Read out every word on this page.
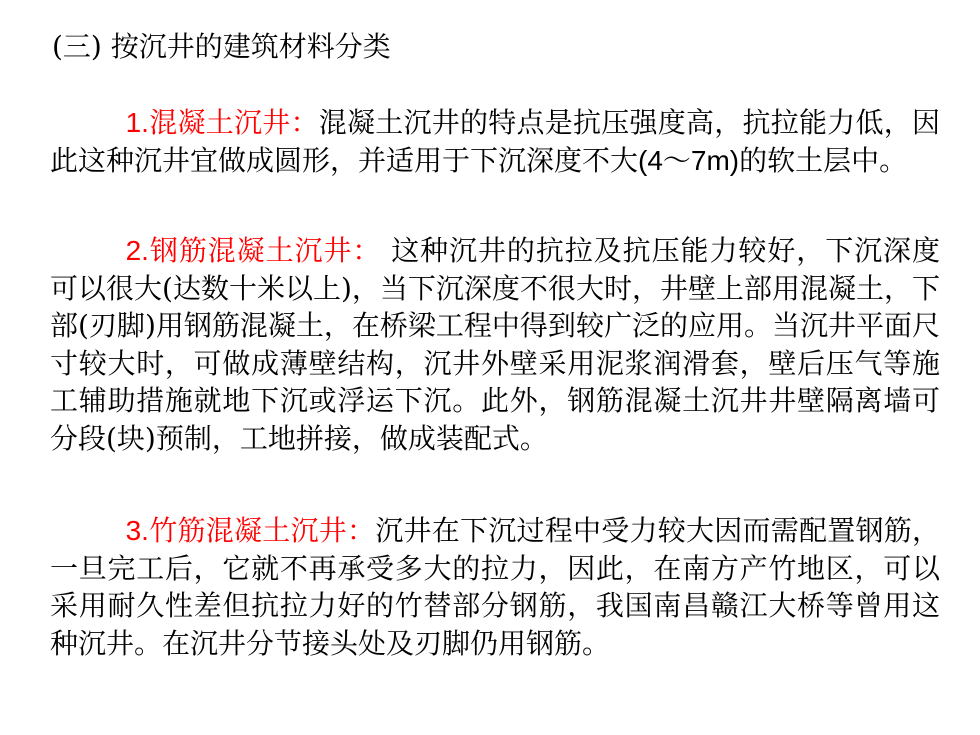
(三) 按沉井的建筑材料分类

1.混凝土沉井：混凝土沉井的特点是抗压强度高，抗拉能力低，因此这种沉井宜做成圆形，并适用于下沉深度不大(4～7m)的软土层中。

2.钢筋混凝土沉井： 这种沉井的抗拉及抗压能力较好，下沉深度可以很大(达数十米以上)，当下沉深度不很大时，井壁上部用混凝土，下部(刃脚)用钢筋混凝土，在桥梁工程中得到较广泛的应用。当沉井平面尺寸较大时，可做成薄壁结构，沉井外壁采用泥浆润滑套，壁后压气等施工辅助措施就地下沉或浮运下沉。此外，钢筋混凝土沉井井壁隔离墙可分段(块)预制，工地拼接，做成装配式。

3.竹筋混凝土沉井：沉井在下沉过程中受力较大因而需配置钢筋，一旦完工后，它就不再承受多大的拉力，因此，在南方产竹地区，可以采用耐久性差但抗拉力好的竹替部分钢筋，我国南昌赣江大桥等曾用这种沉井。在沉井分节接头处及刃脚仍用钢筋。
